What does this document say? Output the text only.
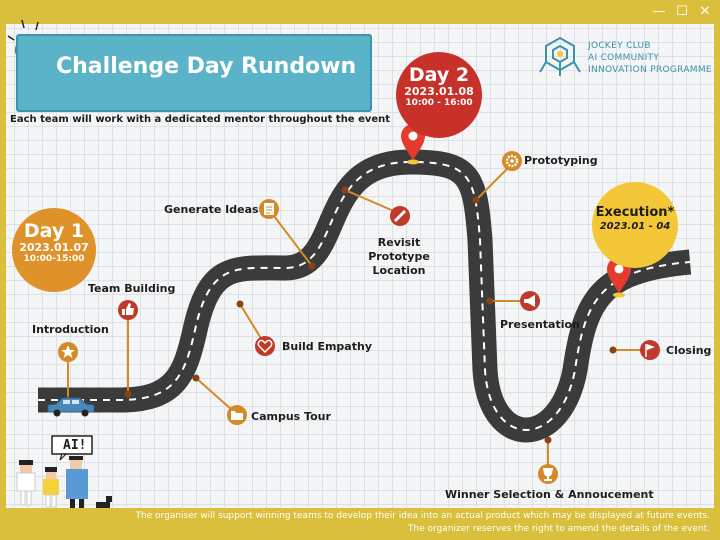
— ☐ ✕
Challenge Day Rundown
Each team will work with a dedicated mentor throughout the event
JOCKEY CLUB
AI COMMUNITY
INNOVATION PROGRAMME
Day 1
2023.01.07
10:00-15:00
Day 2
2023.01.08
10:00 - 16:00
Execution*
2023.01 - 04
Introduction
Team Building
Campus Tour
Build Empathy
Generate Ideas
Revisit
Prototype
Location
Prototyping
Presentation
Winner Selection & Annoucement
Closing
AI!
The organiser will support winning teams to develop their idea into an actual product which may be displayed at future events.
The organizer reserves the right to amend the details of the event.
